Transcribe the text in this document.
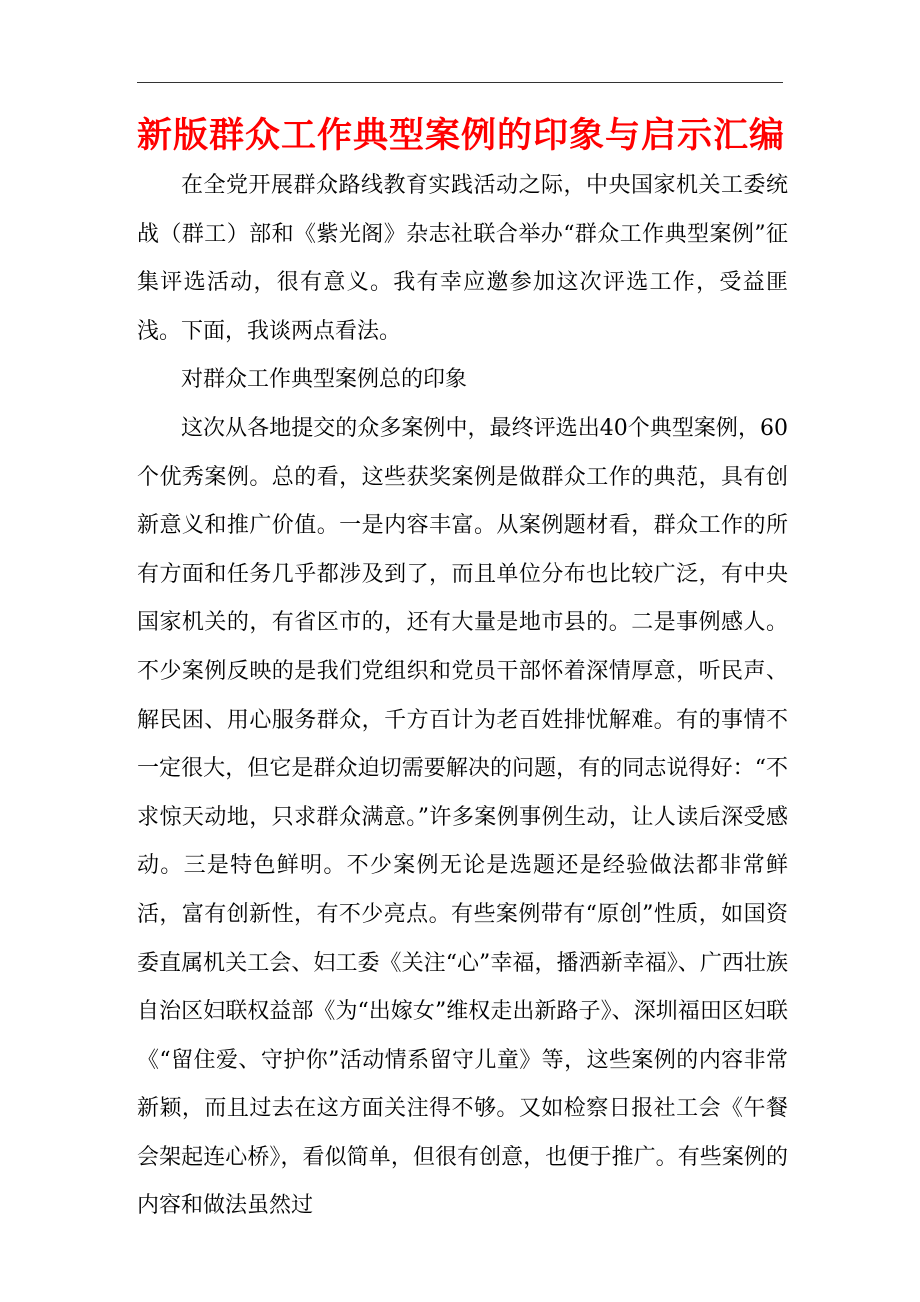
新版群众工作典型案例的印象与启示汇编

在全党开展群众路线教育实践活动之际，中央国家机关工委统战（群工）部和《紫光阁》杂志社联合举办“群众工作典型案例”征集评选活动，很有意义。我有幸应邀参加这次评选工作，受益匪浅。下面，我谈两点看法。

对群众工作典型案例总的印象

这次从各地提交的众多案例中，最终评选出40个典型案例，60个优秀案例。总的看，这些获奖案例是做群众工作的典范，具有创新意义和推广价值。一是内容丰富。从案例题材看，群众工作的所有方面和任务几乎都涉及到了，而且单位分布也比较广泛，有中央国家机关的，有省区市的，还有大量是地市县的。二是事例感人。不少案例反映的是我们党组织和党员干部怀着深情厚意，听民声、解民困、用心服务群众，千方百计为老百姓排忧解难。有的事情不一定很大，但它是群众迫切需要解决的问题，有的同志说得好：“不求惊天动地，只求群众满意。”许多案例事例生动，让人读后深受感动。三是特色鲜明。不少案例无论是选题还是经验做法都非常鲜活，富有创新性，有不少亮点。有些案例带有“原创”性质，如国资委直属机关工会、妇工委《关注“心”幸福，播洒新幸福》、广西壮族自治区妇联权益部《为“出嫁女”维权走出新路子》、深圳福田区妇联《“留住爱、守护你”活动情系留守儿童》等，这些案例的内容非常新颖，而且过去在这方面关注得不够。又如检察日报社工会《午餐会架起连心桥》，看似简单，但很有创意，也便于推广。有些案例的内容和做法虽然过
